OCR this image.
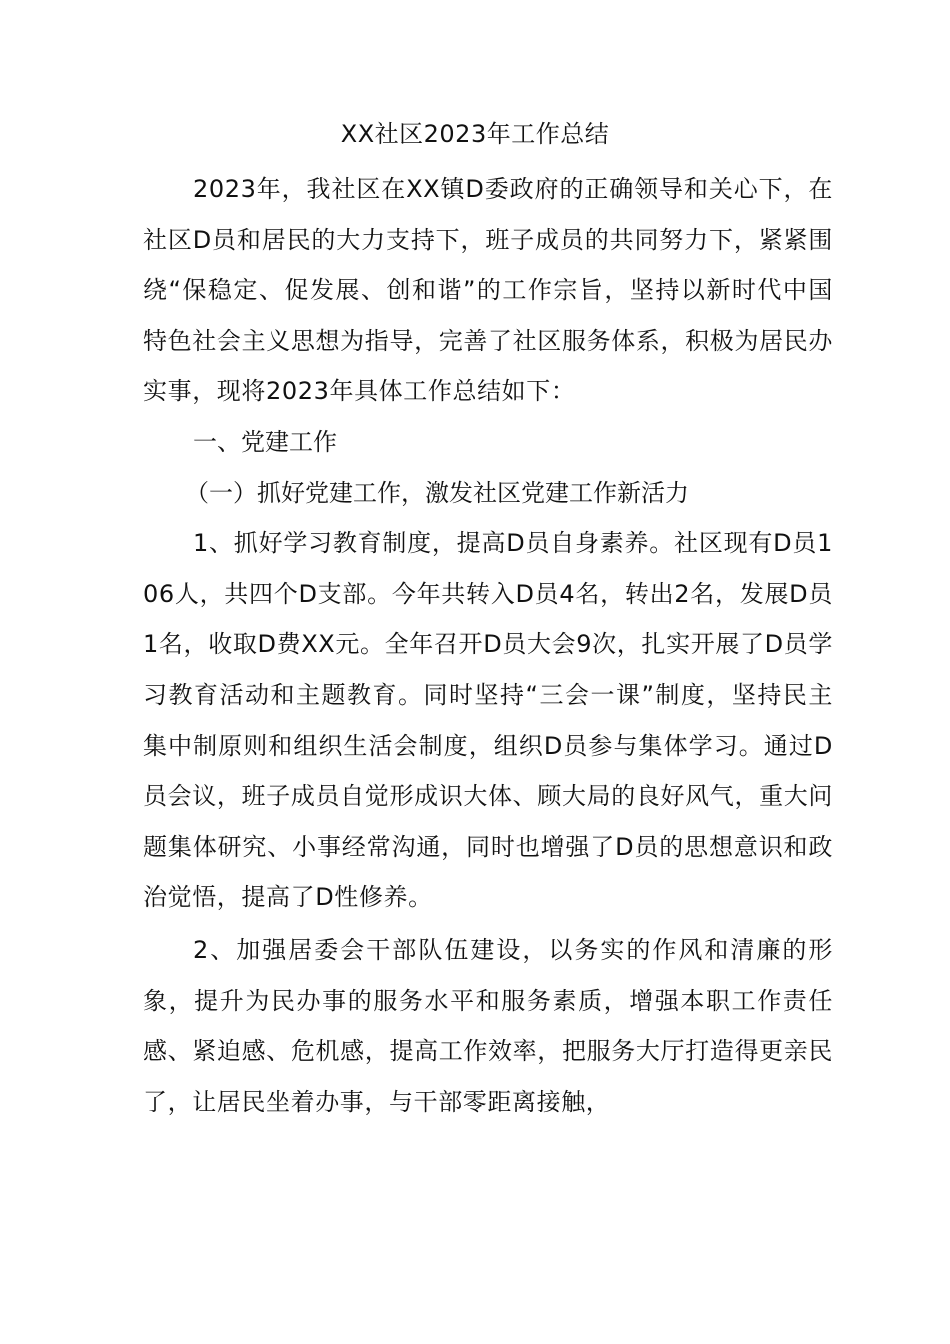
XX社区2023年工作总结

2023年，我社区在XX镇D委政府的正确领导和关心下，在社区D员和居民的大力支持下，班子成员的共同努力下，紧紧围绕“保稳定、促发展、创和谐”的工作宗旨，坚持以新时代中国特色社会主义思想为指导，完善了社区服务体系，积极为居民办实事，现将2023年具体工作总结如下：

一、党建工作

（一）抓好党建工作，激发社区党建工作新活力

1、抓好学习教育制度，提高D员自身素养。社区现有D员106人，共四个D支部。今年共转入D员4名，转出2名，发展D员1名，收取D费XX元。全年召开D员大会9次，扎实开展了D员学习教育活动和主题教育。同时坚持“三会一课”制度，坚持民主集中制原则和组织生活会制度，组织D员参与集体学习。通过D员会议，班子成员自觉形成识大体、顾大局的良好风气，重大问题集体研究、小事经常沟通，同时也增强了D员的思想意识和政治觉悟，提高了D性修养。

2、加强居委会干部队伍建设，以务实的作风和清廉的形象，提升为民办事的服务水平和服务素质，增强本职工作责任感、紧迫感、危机感，提高工作效率，把服务大厅打造得更亲民了，让居民坐着办事，与干部零距离接触，
